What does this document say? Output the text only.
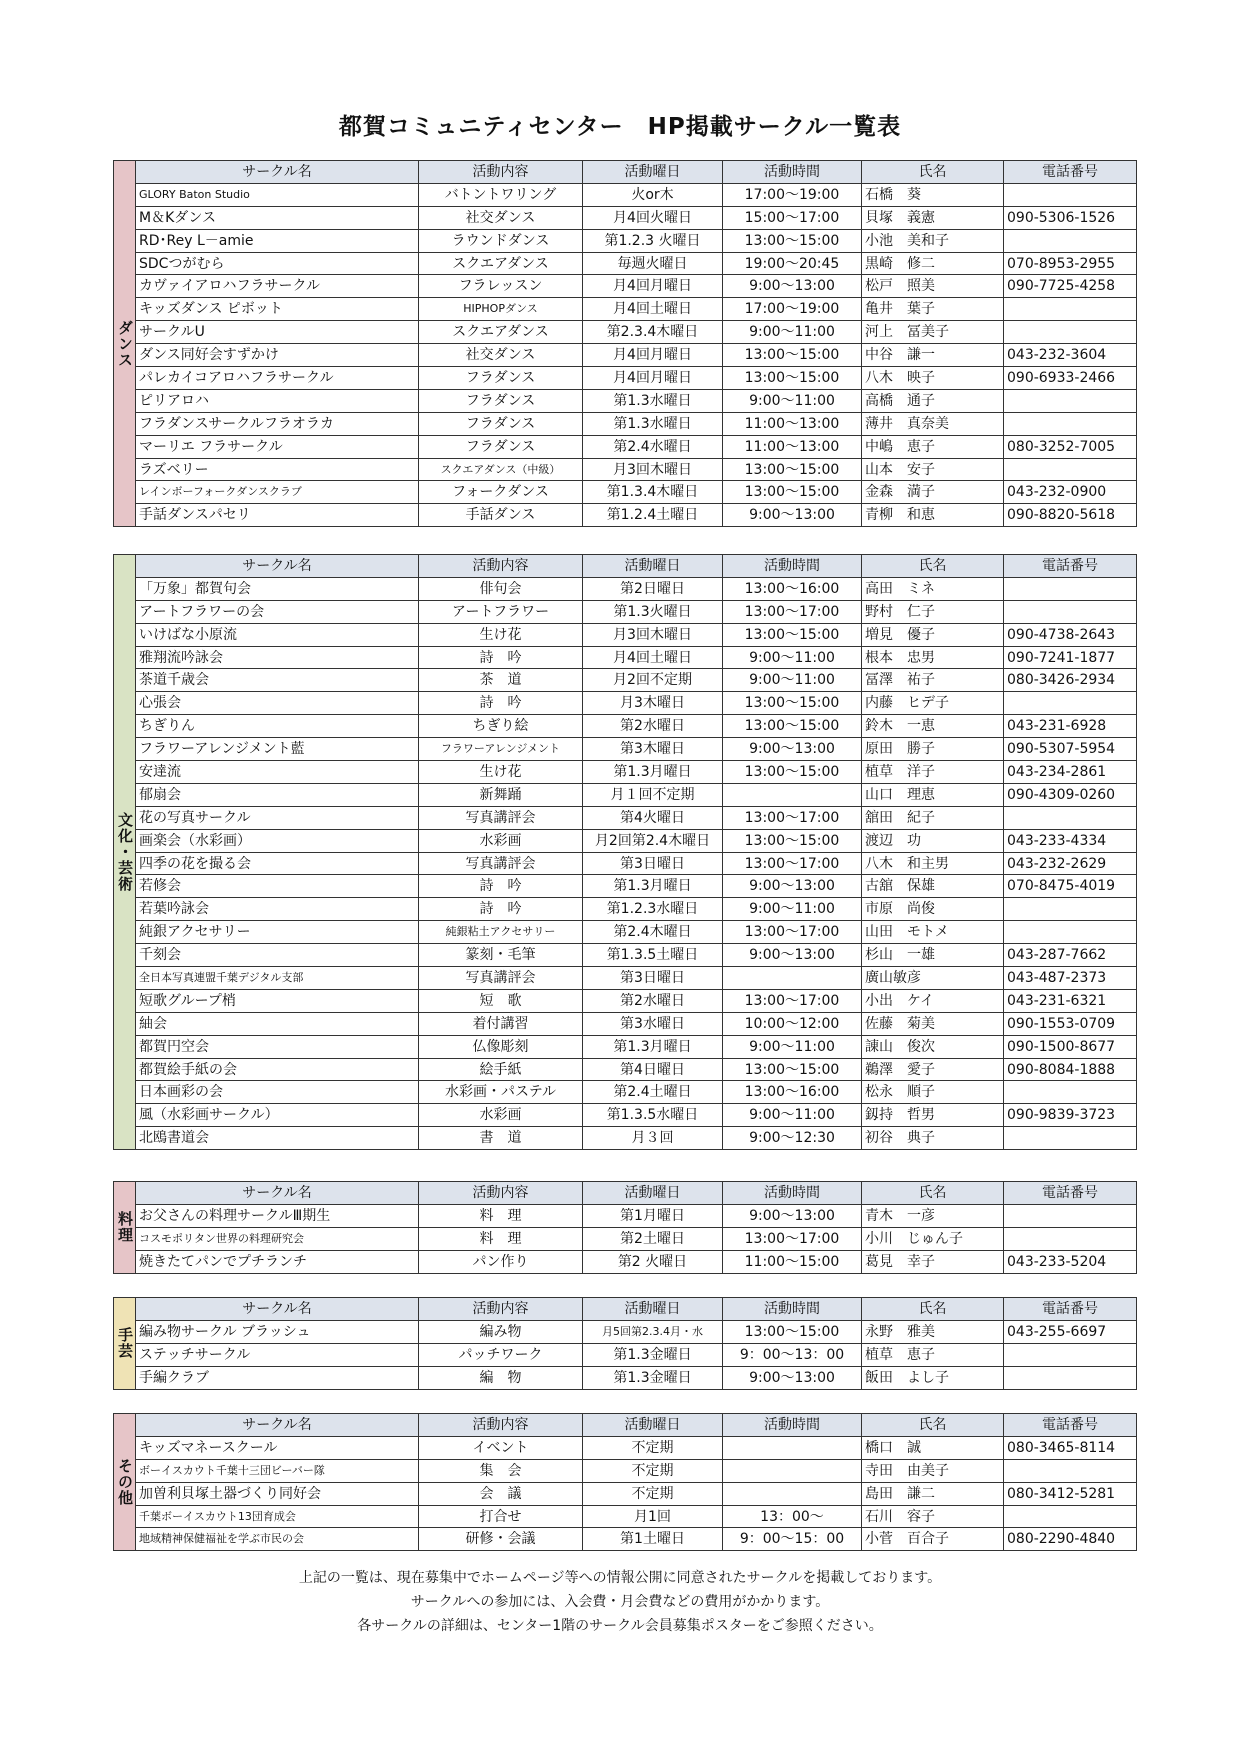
都賀コミュニティセンター　HP掲載サークル一覧表
ダンス
サークル名	活動内容	活動曜日	活動時間	氏名	電話番号
GLORY Baton Studio	バトントワリング	火or木	17:00～19:00	石橋　葵	
M＆Kダンス	社交ダンス	月4回火曜日	15:00～17:00	貝塚　義憲	090-5306-1526
RD･Rey L－amie	ラウンドダンス	第1.2.3 火曜日	13:00～15:00	小池　美和子	
SDCつがむら	スクエアダンス	毎週火曜日	19:00～20:45	黒崎　修二	070-8953-2955
カヴァイアロハフラサークル	フラレッスン	月4回月曜日	9:00～13:00	松戸　照美	090-7725-4258
キッズダンス ピボット	HIPHOPダンス	月4回土曜日	17:00～19:00	亀井　葉子	
サークルU	スクエアダンス	第2.3.4木曜日	9:00～11:00	河上　冨美子	
ダンス同好会すずかけ	社交ダンス	月4回月曜日	13:00～15:00	中谷　謙一	043-232-3604
パレカイコアロハフラサークル	フラダンス	月4回月曜日	13:00～15:00	八木　映子	090-6933-2466
ピリアロハ	フラダンス	第1.3水曜日	9:00～11:00	高橋　通子	
フラダンスサークルフラオラカ	フラダンス	第1.3水曜日	11:00～13:00	薄井　真奈美	
マーリエ フラサークル	フラダンス	第2.4水曜日	11:00～13:00	中嶋　恵子	080-3252-7005
ラズベリー	スクエアダンス（中級）	月3回木曜日	13:00～15:00	山本　安子	
レインボーフォークダンスクラブ	フォークダンス	第1.3.4木曜日	13:00～15:00	金森　満子	043-232-0900
手話ダンスパセリ	手話ダンス	第1.2.4土曜日	9:00～13:00	青柳　和恵	090-8820-5618
文化・芸術
サークル名	活動内容	活動曜日	活動時間	氏名	電話番号
「万象」都賀句会	俳句会	第2日曜日	13:00～16:00	高田　ミネ	
アートフラワーの会	アートフラワー	第1.3火曜日	13:00～17:00	野村　仁子	
いけばな小原流	生け花	月3回木曜日	13:00～15:00	増見　優子	090-4738-2643
雅翔流吟詠会	詩　吟	月4回土曜日	9:00～11:00	根本　忠男	090-7241-1877
茶道千歳会	茶　道	月2回不定期	9:00～11:00	冨澤　祐子	080-3426-2934
心張会	詩　吟	月3木曜日	13:00～15:00	内藤　ヒデ子	
ちぎりん	ちぎり絵	第2水曜日	13:00～15:00	鈴木　一恵	043-231-6928
フラワーアレンジメント藍	フラワーアレンジメント	第3木曜日	9:00～13:00	原田　勝子	090-5307-5954
安達流	生け花	第1.3月曜日	13:00～15:00	植草　洋子	043-234-2861
郁扇会	新舞踊	月１回不定期		山口　理恵	090-4309-0260
花の写真サークル	写真講評会	第4火曜日	13:00～17:00	舘田　紀子	
画楽会（水彩画）	水彩画	月2回第2.4木曜日	13:00～15:00	渡辺　功	043-233-4334
四季の花を撮る会	写真講評会	第3日曜日	13:00～17:00	八木　和主男	043-232-2629
若修会	詩　吟	第1.3月曜日	9:00～13:00	古舘　保雄	070-8475-4019
若葉吟詠会	詩　吟	第1.2.3水曜日	9:00～11:00	市原　尚俊	
純銀アクセサリー	純銀粘土アクセサリー	第2.4木曜日	13:00～17:00	山田　モトメ	
千刻会	篆刻・毛筆	第1.3.5土曜日	9:00～13:00	杉山　一雄	043-287-7662
全日本写真連盟千葉デジタル支部	写真講評会	第3日曜日		廣山敏彦	043-487-2373
短歌グループ梢	短　歌	第2水曜日	13:00～17:00	小出　ケイ	043-231-6321
紬会	着付講習	第3水曜日	10:00～12:00	佐藤　菊美	090-1553-0709
都賀円空会	仏像彫刻	第1.3月曜日	9:00～11:00	諌山　俊次	090-1500-8677
都賀絵手紙の会	絵手紙	第4日曜日	13:00～15:00	鵜澤　愛子	090-8084-1888
日本画彩の会	水彩画・パステル	第2.4土曜日	13:00～16:00	松永　順子	
風（水彩画サークル）	水彩画	第1.3.5水曜日	9:00～11:00	釼持　哲男	090-9839-3723
北鴎書道会	書　道	月３回	9:00～12:30	初谷　典子	
料理
サークル名	活動内容	活動曜日	活動時間	氏名	電話番号
お父さんの料理サークルⅢ期生	料　理	第1月曜日	9:00～13:00	青木　一彦	
コスモポリタン世界の料理研究会	料　理	第2土曜日	13:00～17:00	小川　じゅん子	
焼きたてパンでプチランチ	パン作り	第2 火曜日	11:00～15:00	葛見　幸子	043-233-5204
手芸
サークル名	活動内容	活動曜日	活動時間	氏名	電話番号
編み物サークル ブラッシュ	編み物	月5回第2.3.4月・水	13:00～15:00	永野　雅美	043-255-6697
ステッチサークル	パッチワーク	第1.3金曜日	9：00～13：00	植草　恵子	
手編クラブ	編　物	第1.3金曜日	9:00～13:00	飯田　よし子	
その他
サークル名	活動内容	活動曜日	活動時間	氏名	電話番号
キッズマネースクール	イベント	不定期		橋口　誠	080-3465-8114
ボーイスカウト千葉十三団ビーバー隊	集　会	不定期		寺田　由美子	
加曽利貝塚土器づくり同好会	会　議	不定期		島田　謙二	080-3412-5281
千葉ボーイスカウト13団育成会	打合せ	月1回	13：00～	石川　容子	
地域精神保健福祉を学ぶ市民の会	研修・会議	第1土曜日	9：00～15：00	小菅　百合子	080-2290-4840
上記の一覧は、現在募集中でホームページ等への情報公開に同意されたサークルを掲載しております。
サークルへの参加には、入会費・月会費などの費用がかかります。
各サークルの詳細は、センター1階のサークル会員募集ポスターをご参照ください。
